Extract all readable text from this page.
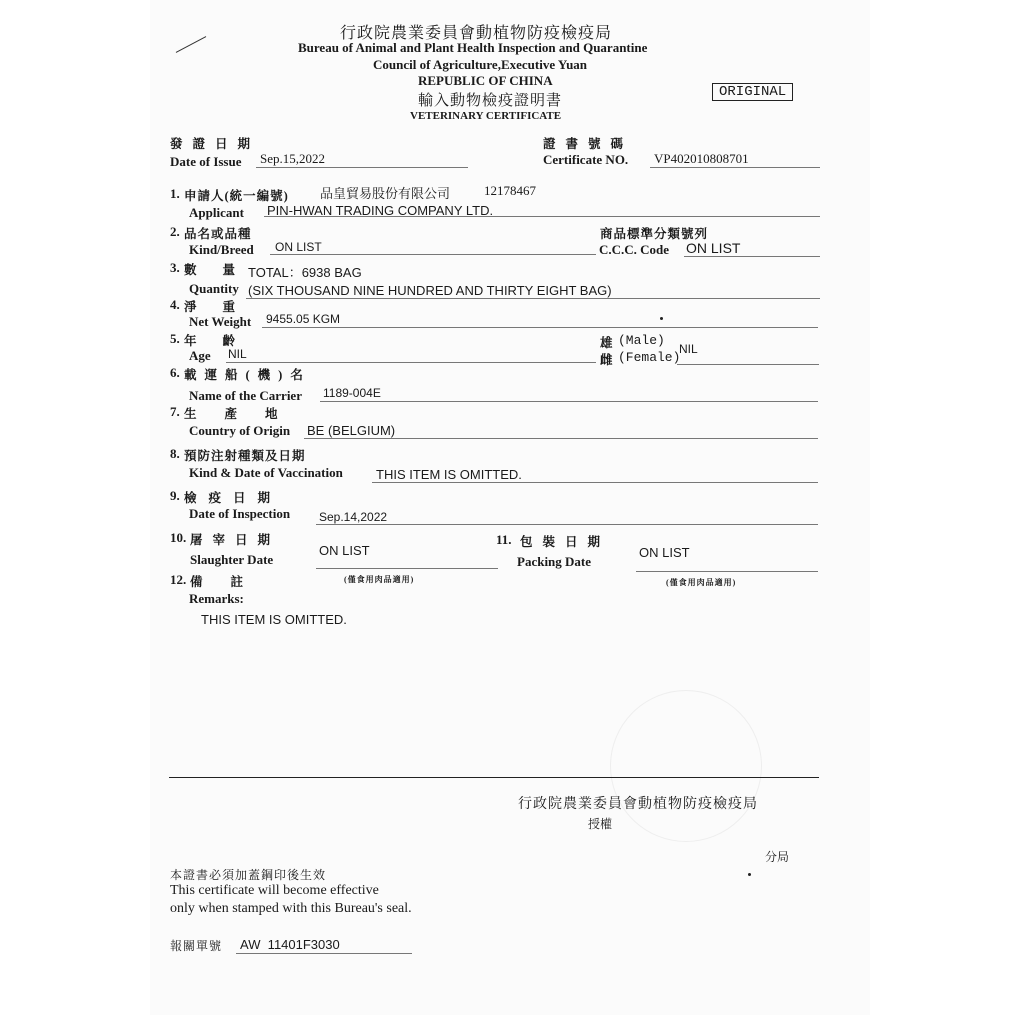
行政院農業委員會動植物防疫檢疫局
Bureau of Animal and Plant Health Inspection and Quarantine
Council of Agriculture,Executive Yuan
REPUBLIC OF CHINA
輸入動物檢疫證明書
VETERINARY CERTIFICATE
ORIGINAL
發證日期
Date of Issue Sep.15,2022
證書號碼
Certificate NO. VP402010808701
1. 申請人(統一編號) 品皇貿易股份有限公司	12178467
Applicant PIN-HWAN TRADING COMPANY LTD.
2. 品名或品種
Kind/Breed ON LIST
商品標準分類號列
C.C.C. Code ON LIST
3. 數量
TOTAL：6938 BAG
Quantity (SIX THOUSAND NINE HUNDRED AND THIRTY EIGHT BAG)
4. 淨重
Net Weight 9455.05 KGM
5. 年齡
Age NIL
雄 (Male)
雌 (Female)
NIL
6. 載運船(機)名
Name of the Carrier 1189-004E
7. 生產地
Country of Origin BE (BELGIUM)
8. 預防注射種類及日期
Kind & Date of Vaccination	THIS ITEM IS OMITTED.
9. 檢疫日期
Date of Inspection Sep.14,2022
10. 屠宰日期
Slaughter Date
ON LIST
(僅食用肉品適用)
11. 包裝日期
Packing Date
ON LIST
(僅食用肉品適用)
12. 備註
Remarks:
THIS ITEM IS OMITTED.
行政院農業委員會動植物防疫檢疫局
授權
分局
本證書必須加蓋鋼印後生效
This certificate will become effective
only when stamped with this Bureau's seal.
報關單號 AW  11401F3030
